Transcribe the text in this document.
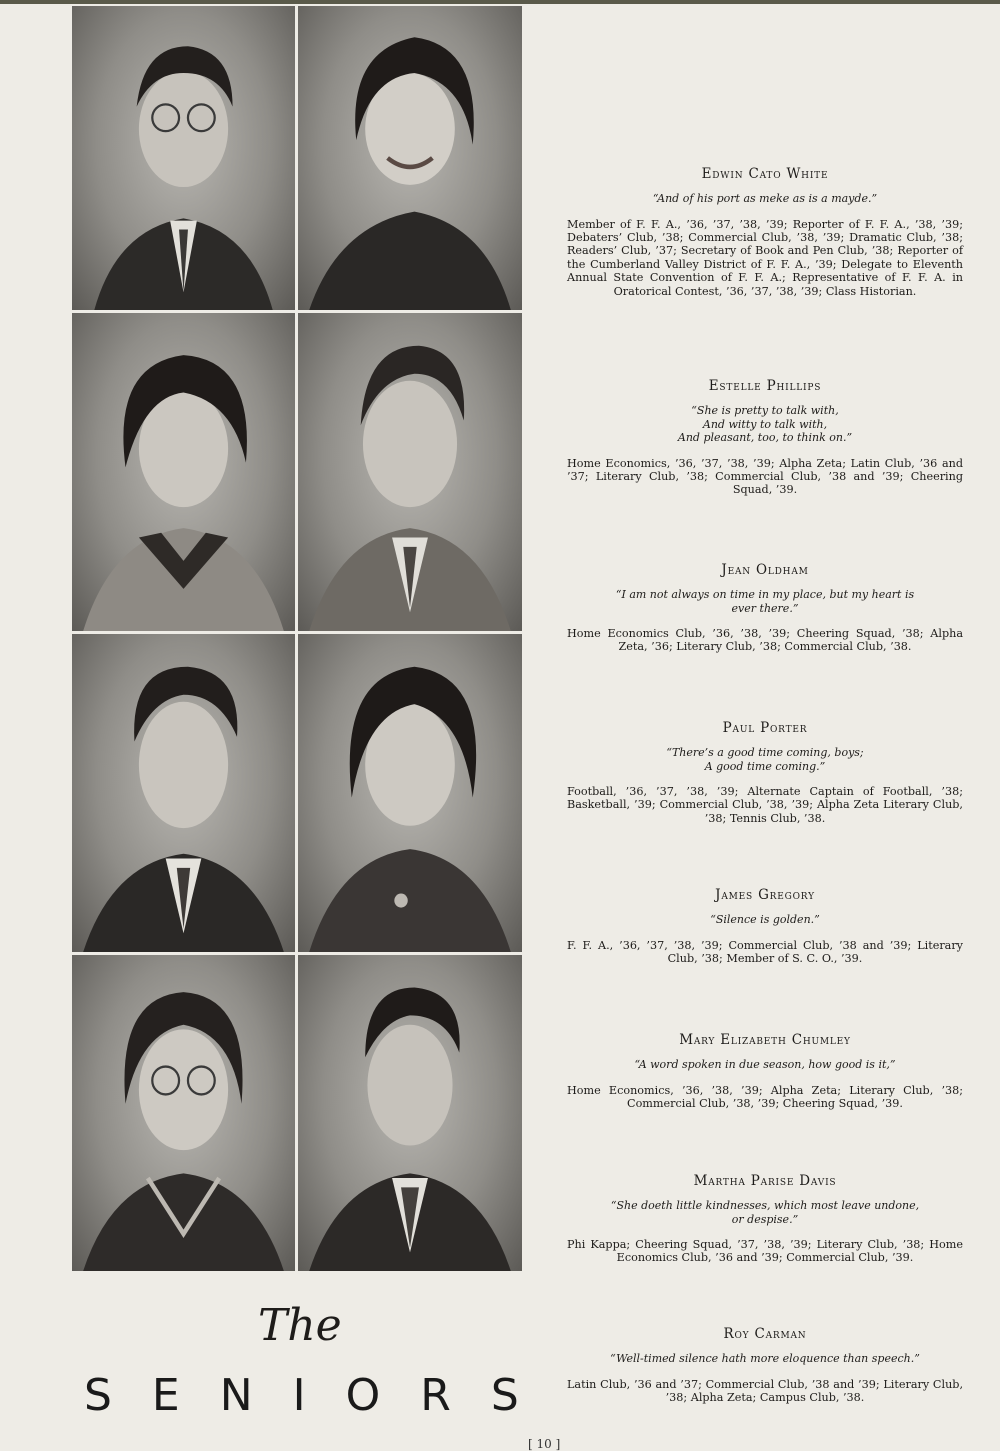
The
SENIORS
Edwin Cato White
“And of his port as meke as is a mayde.”
Member of F. F. A., ’36, ’37, ’38, ’39; Reporter of F. F. A., ’38, ’39; Debaters’ Club, ’38; Commercial Club, ’38, ’39; Dramatic Club, ’38; Readers’ Club, ’37; Secretary of Book and Pen Club, ’38; Reporter of the Cumberland Valley District of F. F. A., ’39; Delegate to Eleventh Annual State Convention of F. F. A.; Representative of F. F. A. in Oratorical Contest, ’36, ’37, ’38, ’39; Class Historian.
Estelle Phillips
“She is pretty to talk with,
And witty to talk with,
And pleasant, too, to think on.”
Home Economics, ’36, ’37, ’38, ’39; Alpha Zeta; Latin Club, ’36 and ’37; Literary Club, ’38; Commercial Club, ’38 and ’39; Cheering Squad, ’39.
Jean Oldham
“I am not always on time in my place, but my heart is
ever there.”
Home Economics Club, ’36, ’38, ’39; Cheering Squad, ’38; Alpha Zeta, ’36; Literary Club, ’38; Commercial Club, ’38.
Paul Porter
“There’s a good time coming, boys;
A good time coming.”
Football, ’36, ’37, ’38, ’39; Alternate Captain of Football, ’38; Basketball, ’39; Commercial Club, ’38, ’39; Alpha Zeta Literary Club, ’38; Tennis Club, ’38.
James Gregory
“Silence is golden.”
F. F. A., ’36, ’37, ’38, ’39; Commercial Club, ’38 and ’39; Literary Club, ’38; Member of S. C. O., ’39.
Mary Elizabeth Chumley
“A word spoken in due season, how good is it,”
Home Economics, ’36, ’38, ’39; Alpha Zeta; Literary Club, ’38; Commercial Club, ’38, ’39; Cheering Squad, ’39.
Martha Parise Davis
“She doeth little kindnesses, which most leave undone,
or despise.”
Phi Kappa; Cheering Squad, ’37, ’38, ’39; Literary Club, ’38; Home Economics Club, ’36 and ’39; Commercial Club, ’39.
Roy Carman
“Well-timed silence hath more eloquence than speech.”
Latin Club, ’36 and ’37; Commercial Club, ’38 and ’39; Literary Club, ’38; Alpha Zeta; Campus Club, ’38.
[ 10 ]
